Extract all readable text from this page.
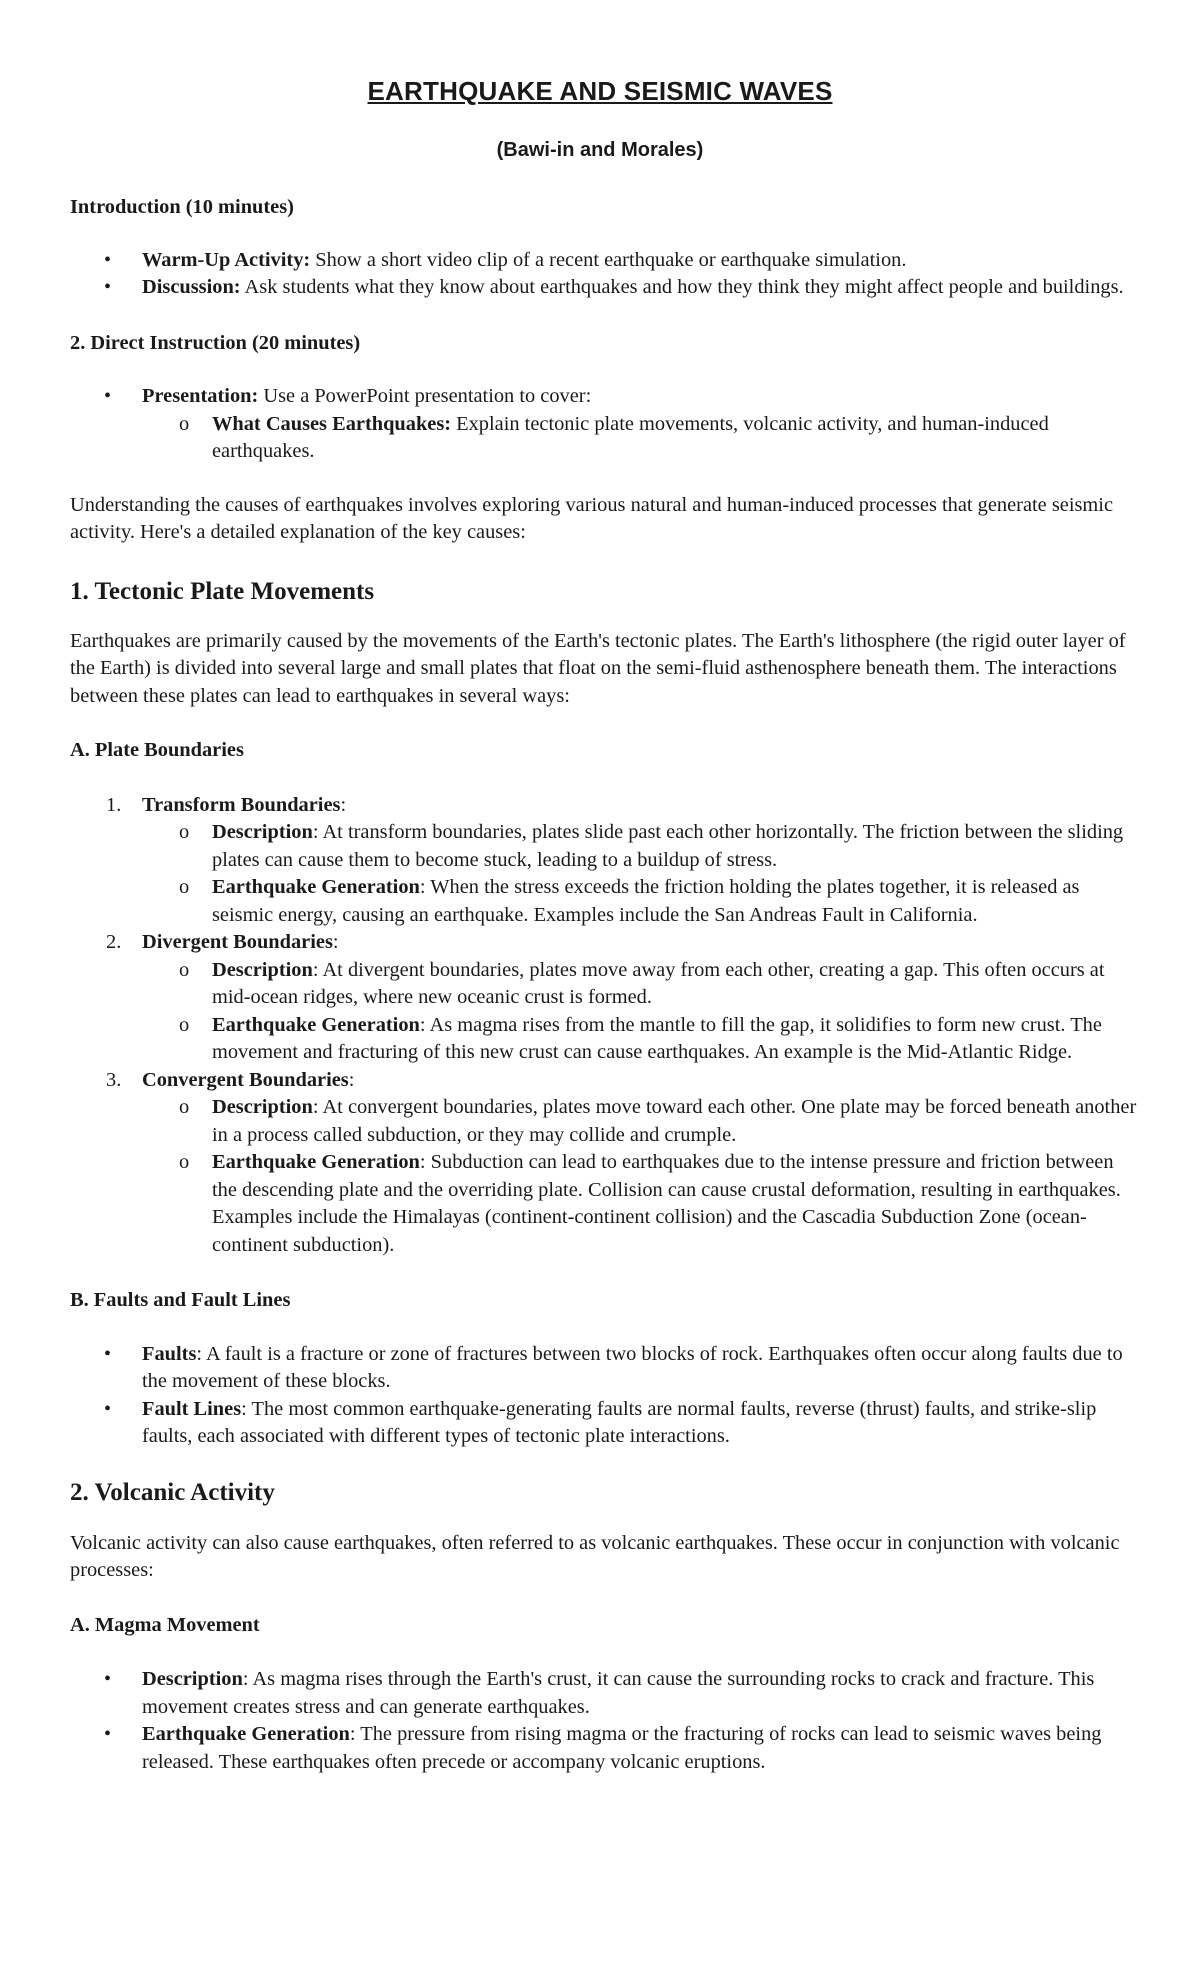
EARTHQUAKE AND SEISMIC WAVES
(Bawi-in and Morales)
Introduction (10 minutes)
• Warm-Up Activity: Show a short video clip of a recent earthquake or earthquake simulation.
• Discussion: Ask students what they know about earthquakes and how they think they might affect people and buildings.
2. Direct Instruction (20 minutes)
• Presentation: Use a PowerPoint presentation to cover:
o What Causes Earthquakes: Explain tectonic plate movements, volcanic activity, and human-induced earthquakes.

Understanding the causes of earthquakes involves exploring various natural and human-induced processes that generate seismic activity. Here's a detailed explanation of the key causes:

1. Tectonic Plate Movements

Earthquakes are primarily caused by the movements of the Earth's tectonic plates. The Earth's lithosphere (the rigid outer layer of the Earth) is divided into several large and small plates that float on the semi-fluid asthenosphere beneath them. The interactions between these plates can lead to earthquakes in several ways:

A. Plate Boundaries
1. Transform Boundaries:
o Description: At transform boundaries, plates slide past each other horizontally. The friction between the sliding plates can cause them to become stuck, leading to a buildup of stress.
o Earthquake Generation: When the stress exceeds the friction holding the plates together, it is released as seismic energy, causing an earthquake. Examples include the San Andreas Fault in California.
2. Divergent Boundaries:
o Description: At divergent boundaries, plates move away from each other, creating a gap. This often occurs at mid-ocean ridges, where new oceanic crust is formed.
o Earthquake Generation: As magma rises from the mantle to fill the gap, it solidifies to form new crust. The movement and fracturing of this new crust can cause earthquakes. An example is the Mid-Atlantic Ridge.
3. Convergent Boundaries:
o Description: At convergent boundaries, plates move toward each other. One plate may be forced beneath another in a process called subduction, or they may collide and crumple.
o Earthquake Generation: Subduction can lead to earthquakes due to the intense pressure and friction between the descending plate and the overriding plate. Collision can cause crustal deformation, resulting in earthquakes. Examples include the Himalayas (continent-continent collision) and the Cascadia Subduction Zone (ocean-continent subduction).
B. Faults and Fault Lines
• Faults: A fault is a fracture or zone of fractures between two blocks of rock. Earthquakes often occur along faults due to the movement of these blocks.
• Fault Lines: The most common earthquake-generating faults are normal faults, reverse (thrust) faults, and strike-slip faults, each associated with different types of tectonic plate interactions.
2. Volcanic Activity

Volcanic activity can also cause earthquakes, often referred to as volcanic earthquakes. These occur in conjunction with volcanic processes:

A. Magma Movement
• Description: As magma rises through the Earth's crust, it can cause the surrounding rocks to crack and fracture. This movement creates stress and can generate earthquakes.
• Earthquake Generation: The pressure from rising magma or the fracturing of rocks can lead to seismic waves being released. These earthquakes often precede or accompany volcanic eruptions.
